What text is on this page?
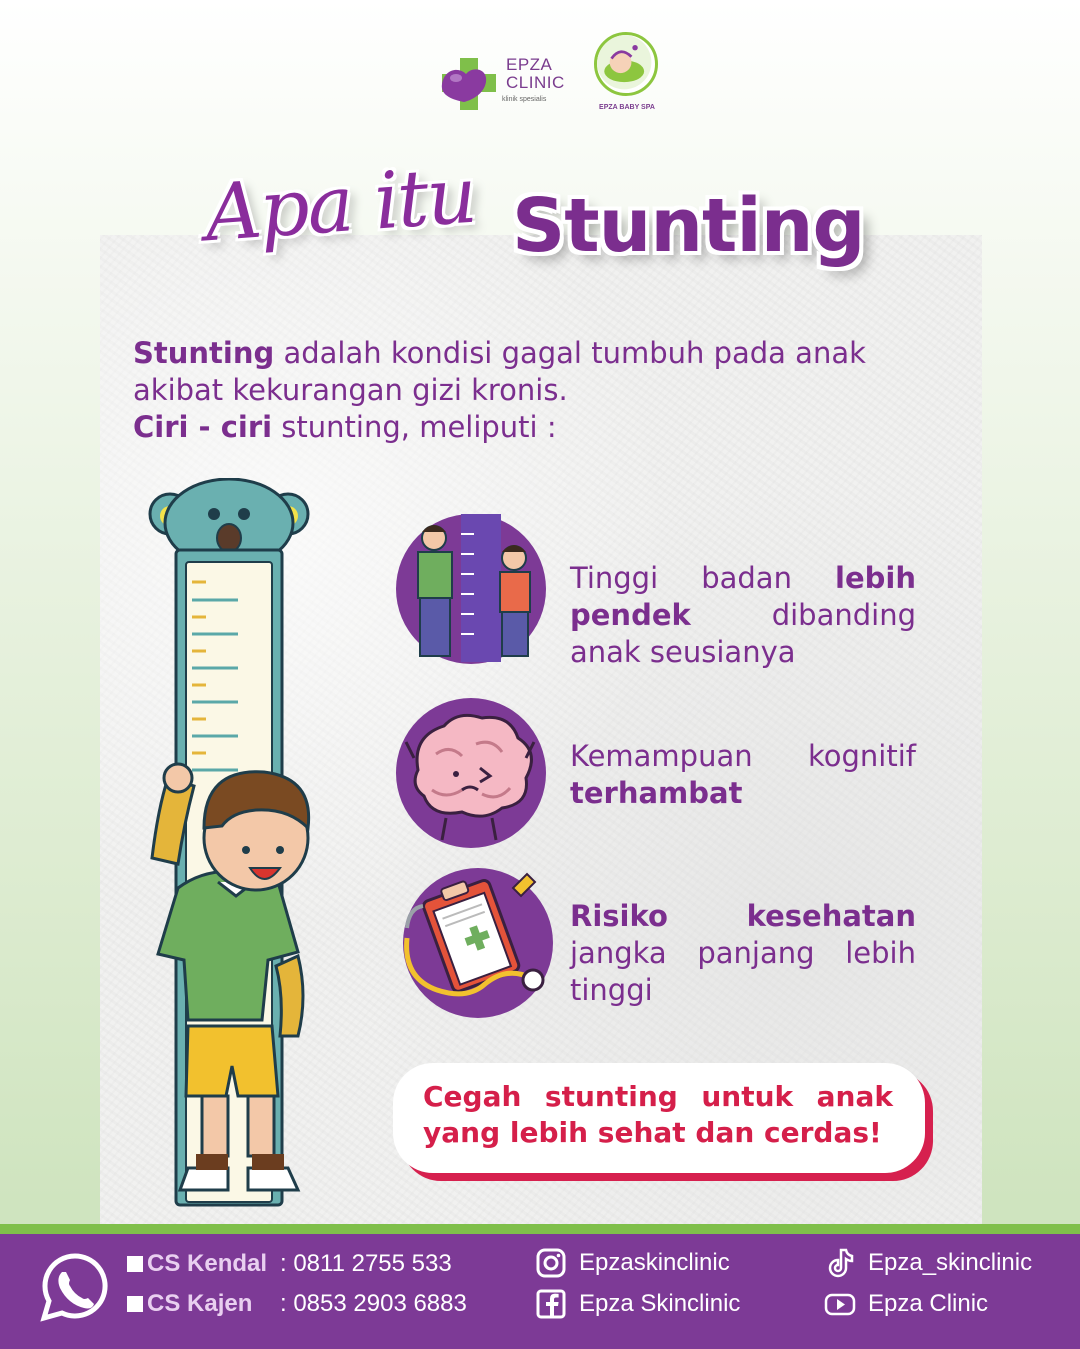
EPZA
CLINIC
klinik spesialis
EPZA BABY SPA
Apa itu Stunting
Stunting adalah kondisi gagal tumbuh pada anak akibat kekurangan gizi kronis.
Ciri - ciri stunting, meliputi :
Tinggi badan lebih pendek dibanding anak seusianya
Kemampuan kognitif terhambat
Risiko kesehatan jangka panjang lebih tinggi
Cegah stunting untuk anak yang lebih sehat dan cerdas!
CS Kendal : 0811 2755 533
CS Kajen : 0853 2903 6883
Epzaskinclinic
Epza Skinclinic
Epza_skinclinic
Epza Clinic
